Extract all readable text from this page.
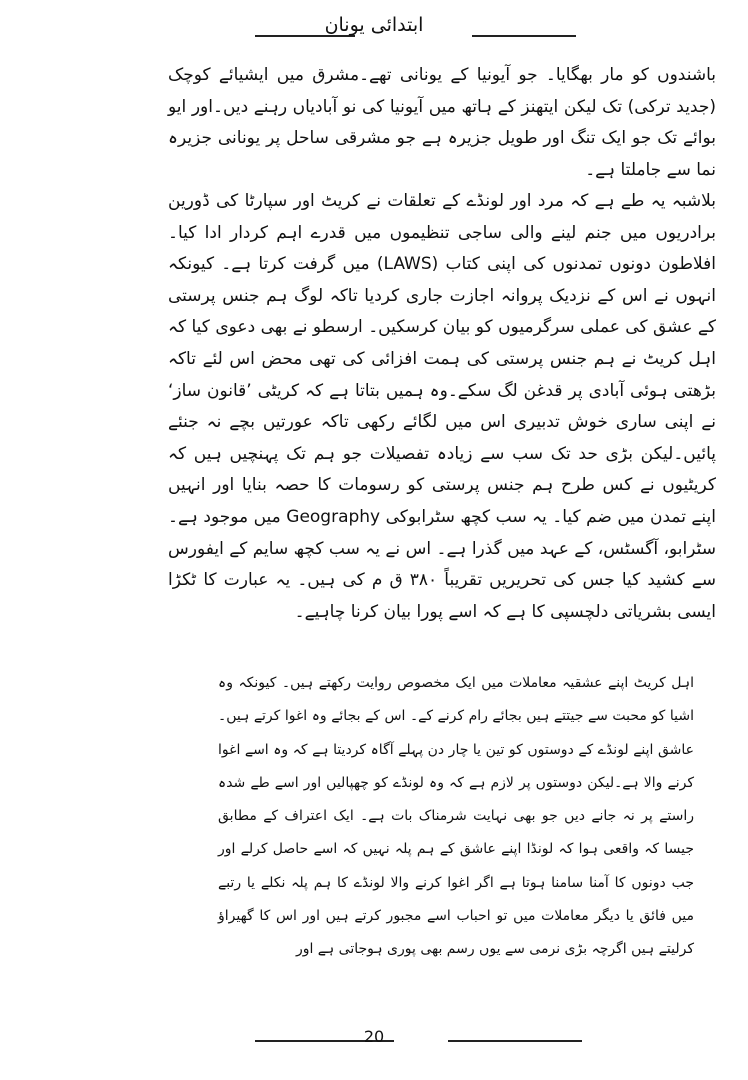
ابتدائی یونان

باشندوں کو مار بھگایا۔ جو آیونیا کے یونانی تھے۔مشرق میں ایشیائے کوچک (جدید ترکی) تک لیکن ایتھنز کے ہاتھ میں آیونیا کی نو آبادیاں رہنے دیں۔اور ایو بوائے تک جو ایک تنگ اور طویل جزیرہ ہے جو مشرقی ساحل پر یونانی جزیرہ نما سے جاملتا ہے۔

بلاشبہ یہ طے ہے کہ مرد اور لونڈے کے تعلقات نے کریٹ اور سپارٹا کی ڈورین برادریوں میں جنم لینے والی ساجی تنظیموں میں قدرے اہم کردار ادا کیا۔ افلاطون دونوں تمدنوں کی اپنی کتاب (LAWS) میں گرفت کرتا ہے۔ کیونکہ انہوں نے اس کے نزدیک پروانہ اجازت جاری کردیا تاکہ لوگ ہم جنس پرستی کے عشق کی عملی سرگرمیوں کو بیان کرسکیں۔ ارسطو نے بھی دعوی کیا کہ اہل کریٹ نے ہم جنس پرستی کی ہمت افزائی کی تھی محض اس لئے تاکہ بڑھتی ہوئی آبادی پر قدغن لگ سکے۔وہ ہمیں بتاتا ہے کہ کریٹی ’قانون ساز‘ نے اپنی ساری خوش تدبیری اس میں لگائے رکھی تاکہ عورتیں بچے نہ جنئے پائیں۔لیکن بڑی حد تک سب سے زیادہ تفصیلات جو ہم تک پہنچیں ہیں کہ کریٹیوں نے کس طرح ہم جنس پرستی کو رسومات کا حصہ بنایا اور انہیں اپنے تمدن میں ضم کیا۔ یہ سب کچھ سٹرابوکی Geography میں موجود ہے۔ سٹرابو، آگسٹس، کے عہد میں گذرا ہے۔ اس نے یہ سب کچھ سایم کے ایفورس سے کشید کیا جس کی تحریریں تقریباً ۳۸۰ ق م کی ہیں۔ یہ عبارت کا ٹکڑا ایسی بشریاتی دلچسپی کا ہے کہ اسے پورا بیان کرنا چاہیے۔

اہل کریٹ اپنے عشقیہ معاملات میں ایک مخصوص روایت رکھتے ہیں۔ کیونکہ وہ اشیا کو محبت سے جیتتے ہیں بجائے رام کرنے کے۔ اس کے بجائے وہ اغوا کرتے ہیں۔ عاشق اپنے لونڈے کے دوستوں کو تین یا چار دن پہلے آگاہ کردیتا ہے کہ وہ اسے اغوا کرنے والا ہے۔لیکن دوستوں پر لازم ہے کہ وہ لونڈے کو چھپالیں اور اسے طے شدہ راستے پر نہ جانے دیں جو بھی نہایت شرمناک بات ہے۔ ایک اعتراف کے مطابق جیسا کہ واقعی ہوا کہ لونڈا اپنے عاشق کے ہم پلہ نہیں کہ اسے حاصل کرلے اور جب دونوں کا آمنا سامنا ہوتا ہے اگر اغوا کرنے والا لونڈے کا ہم پلہ نکلے یا رتبے میں فائق یا دیگر معاملات میں تو احباب اسے مجبور کرتے ہیں اور اس کا گھیراؤ کرلیتے ہیں اگرچہ بڑی نرمی سے یوں رسم بھی پوری ہوجاتی ہے اور

20
